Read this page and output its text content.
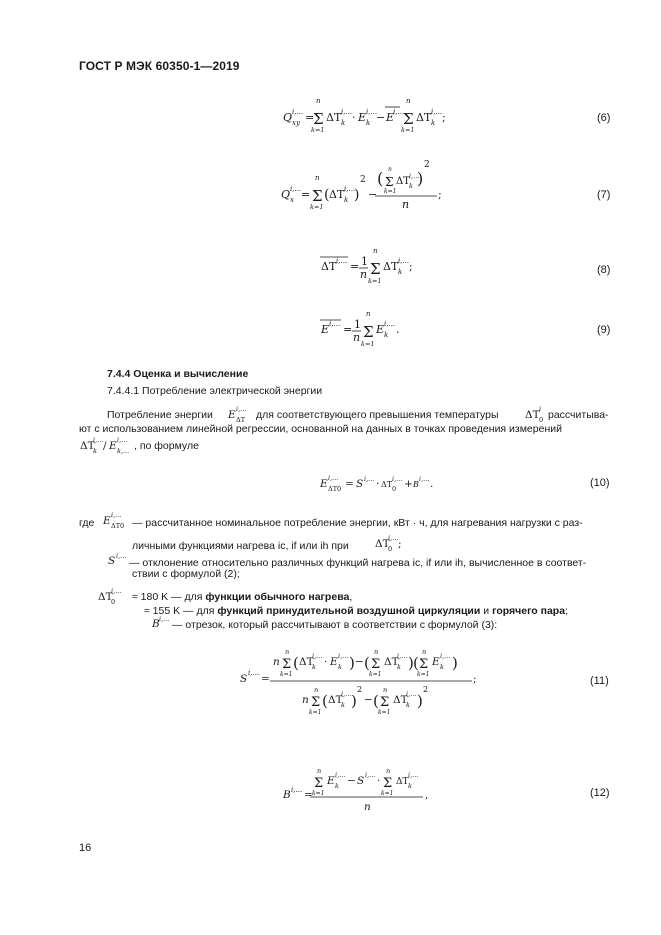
ГОСТ Р МЭК 60350-1—2019
Q i,...
xy =
n
Σ
k=1
ΔT i,...
k · E i,...
k − E
i,...
n
Σ
k=1
ΔT i,...
k ;
Q i,...
x =
n
Σ
k=1
( ΔT i,...
k )
2
−
( n
Σ
k=1
ΔT i,...
k )
2
n
;
ΔT i,... = 1
n
n
Σ
k=1
ΔT i,...
k ;
E i,... = 1
n
n
Σ
k=1
E i,...
k .
E i,...
ΔT	ΔT i
0
ΔT
i,...
k / E i,...
k,...
E i,...
ΔT0 = S i,... · ΔT
i,...
0 + B
i,... .
E i,...
ΔT0
ΔT
i,...
0 ;
S i,...
ΔT
i,...
0
B i,...
S i,... =
n
n
Σ
k=1
( ΔT
i,...
k · E i,...
k ) − (
n
Σ
k=1
ΔT
i,...
k ) (
n
Σ
k=1
E i,...
k )
n
n
Σ
k=1
( ΔT
i,...
k )
2
− (
n
Σ
k=1
ΔT
i,...
k )
2
;
B i,... =
n
Σ
k=1
E i,...
k − S i,... ·
n
Σ
k=1
ΔT
i,...
k
n
,
(6)
(7)
(8)
(9)
(10)
(11)
(12)
7.4.4 Оценка и вычисление
7.4.4.1 Потребление электрической энергии
Потребление энергии	для соответствующего превышения температуры	рассчитыва-
ют с использованием линейной регрессии, основанной на данных в точках проведения измерений
, по формуле
где	— рассчитанное номинальное потребление энергии, кВт · ч, для нагревания нагрузки с раз-
личными функциями нагрева ic, if или ih при
— отклонение относительно различных функций нагрева ic, if или ih, вычисленное в соответ-
ствии с формулой (2);
≈ 180 K — для функции обычного нагрева,
≈ 155 K — для функций принудительной воздушной циркуляции и горячего пара;
— отрезок, который рассчитывают в соответствии с формулой (3):
16
